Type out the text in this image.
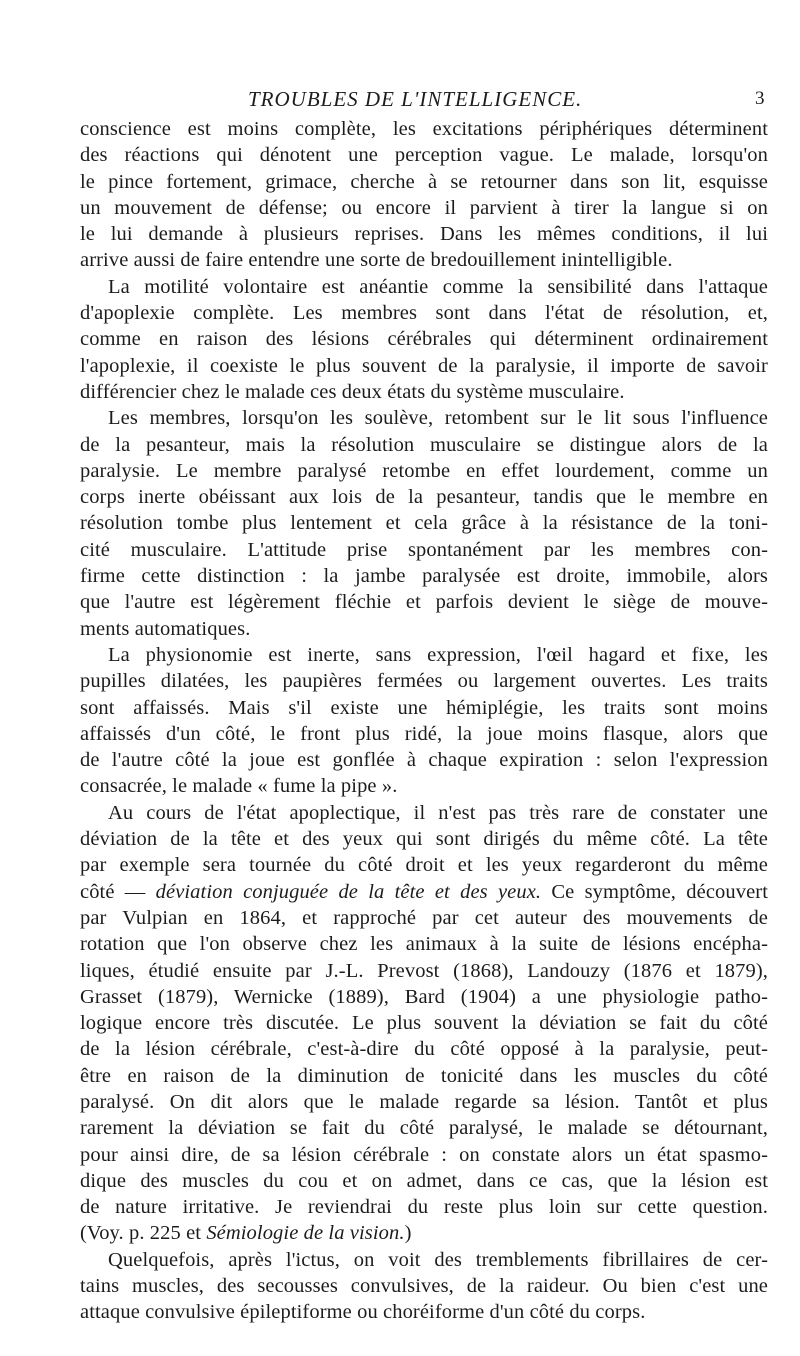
TROUBLES DE L'INTELLIGENCE.	3
conscience est moins complète, les excitations périphériques déterminent
des réactions qui dénotent une perception vague. Le malade, lorsqu'on
le pince fortement, grimace, cherche à se retourner dans son lit, esquisse
un mouvement de défense; ou encore il parvient à tirer la langue si on
le lui demande à plusieurs reprises. Dans les mêmes conditions, il lui
arrive aussi de faire entendre une sorte de bredouillement inintelligible.
La motilité volontaire est anéantie comme la sensibilité dans l'attaque
d'apoplexie complète. Les membres sont dans l'état de résolution, et,
comme en raison des lésions cérébrales qui déterminent ordinairement
l'apoplexie, il coexiste le plus souvent de la paralysie, il importe de savoir
différencier chez le malade ces deux états du système musculaire.
Les membres, lorsqu'on les soulève, retombent sur le lit sous l'influence
de la pesanteur, mais la résolution musculaire se distingue alors de la
paralysie. Le membre paralysé retombe en effet lourdement, comme un
corps inerte obéissant aux lois de la pesanteur, tandis que le membre en
résolution tombe plus lentement et cela grâce à la résistance de la toni-
cité musculaire. L'attitude prise spontanément par les membres con-
firme cette distinction : la jambe paralysée est droite, immobile, alors
que l'autre est légèrement fléchie et parfois devient le siège de mouve-
ments automatiques.
La physionomie est inerte, sans expression, l'œil hagard et fixe, les
pupilles dilatées, les paupières fermées ou largement ouvertes. Les traits
sont affaissés. Mais s'il existe une hémiplégie, les traits sont moins
affaissés d'un côté, le front plus ridé, la joue moins flasque, alors que
de l'autre côté la joue est gonflée à chaque expiration : selon l'expression
consacrée, le malade « fume la pipe ».
Au cours de l'état apoplectique, il n'est pas très rare de constater une
déviation de la tête et des yeux qui sont dirigés du même côté. La tête
par exemple sera tournée du côté droit et les yeux regarderont du même
côté — déviation conjuguée de la tête et des yeux. Ce symptôme, découvert
par Vulpian en 1864, et rapproché par cet auteur des mouvements de
rotation que l'on observe chez les animaux à la suite de lésions encépha-
liques, étudié ensuite par J.-L. Prevost (1868), Landouzy (1876 et 1879),
Grasset (1879), Wernicke (1889), Bard (1904) a une physiologie patho-
logique encore très discutée. Le plus souvent la déviation se fait du côté
de la lésion cérébrale, c'est-à-dire du côté opposé à la paralysie, peut-
être en raison de la diminution de tonicité dans les muscles du côté
paralysé. On dit alors que le malade regarde sa lésion. Tantôt et plus
rarement la déviation se fait du côté paralysé, le malade se détournant,
pour ainsi dire, de sa lésion cérébrale : on constate alors un état spasmo-
dique des muscles du cou et on admet, dans ce cas, que la lésion est
de nature irritative. Je reviendrai du reste plus loin sur cette question.
(Voy. p. 225 et Sémiologie de la vision.)
Quelquefois, après l'ictus, on voit des tremblements fibrillaires de cer-
tains muscles, des secousses convulsives, de la raideur. Ou bien c'est une
attaque convulsive épileptiforme ou choréiforme d'un côté du corps.
